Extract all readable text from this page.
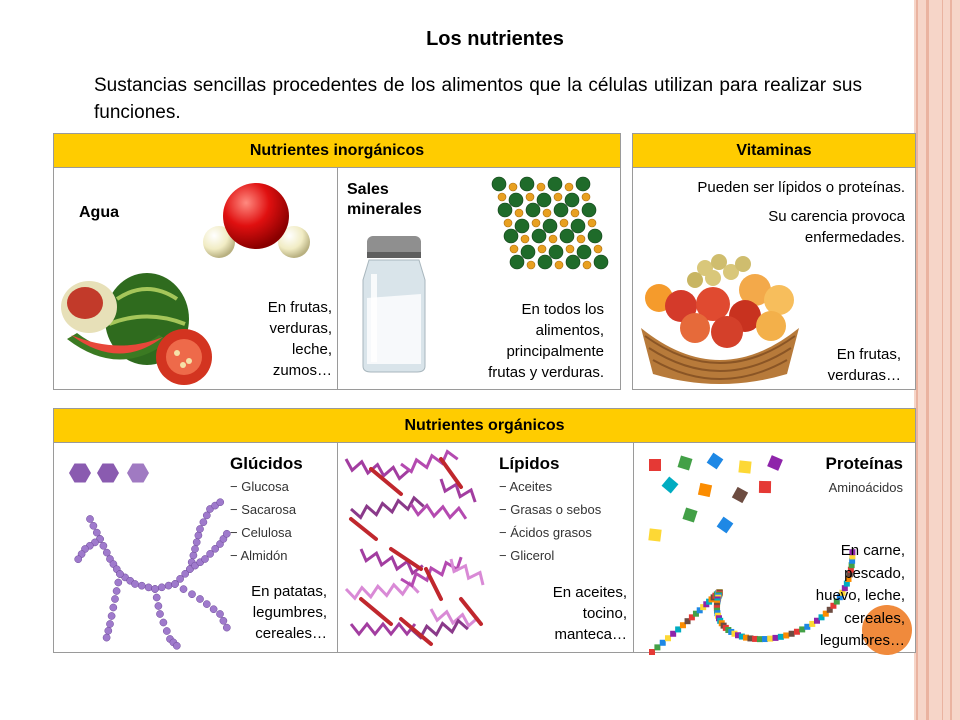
Los nutrientes
Sustancias sencillas procedentes de los alimentos que la células utilizan para realizar sus funciones.
Nutrientes inorgánicos
Agua
En frutas,
verduras,
leche,
zumos…
Sales
minerales
En todos los
alimentos,
principalmente
frutas y verduras.
Vitaminas
Pueden ser lípidos o proteínas.
Su carencia provoca
enfermedades.
En frutas,
verduras…
Nutrientes orgánicos
Glúcidos
− Glucosa
− Sacarosa
− Celulosa
− Almidón
En patatas,
legumbres,
cereales…
Lípidos
− Aceites
− Grasas o sebos
− Ácidos grasos
− Glicerol
En aceites,
tocino,
manteca…
Proteínas
Aminoácidos
En carne,
pescado,
huevo, leche,
cereales,
legumbres…
